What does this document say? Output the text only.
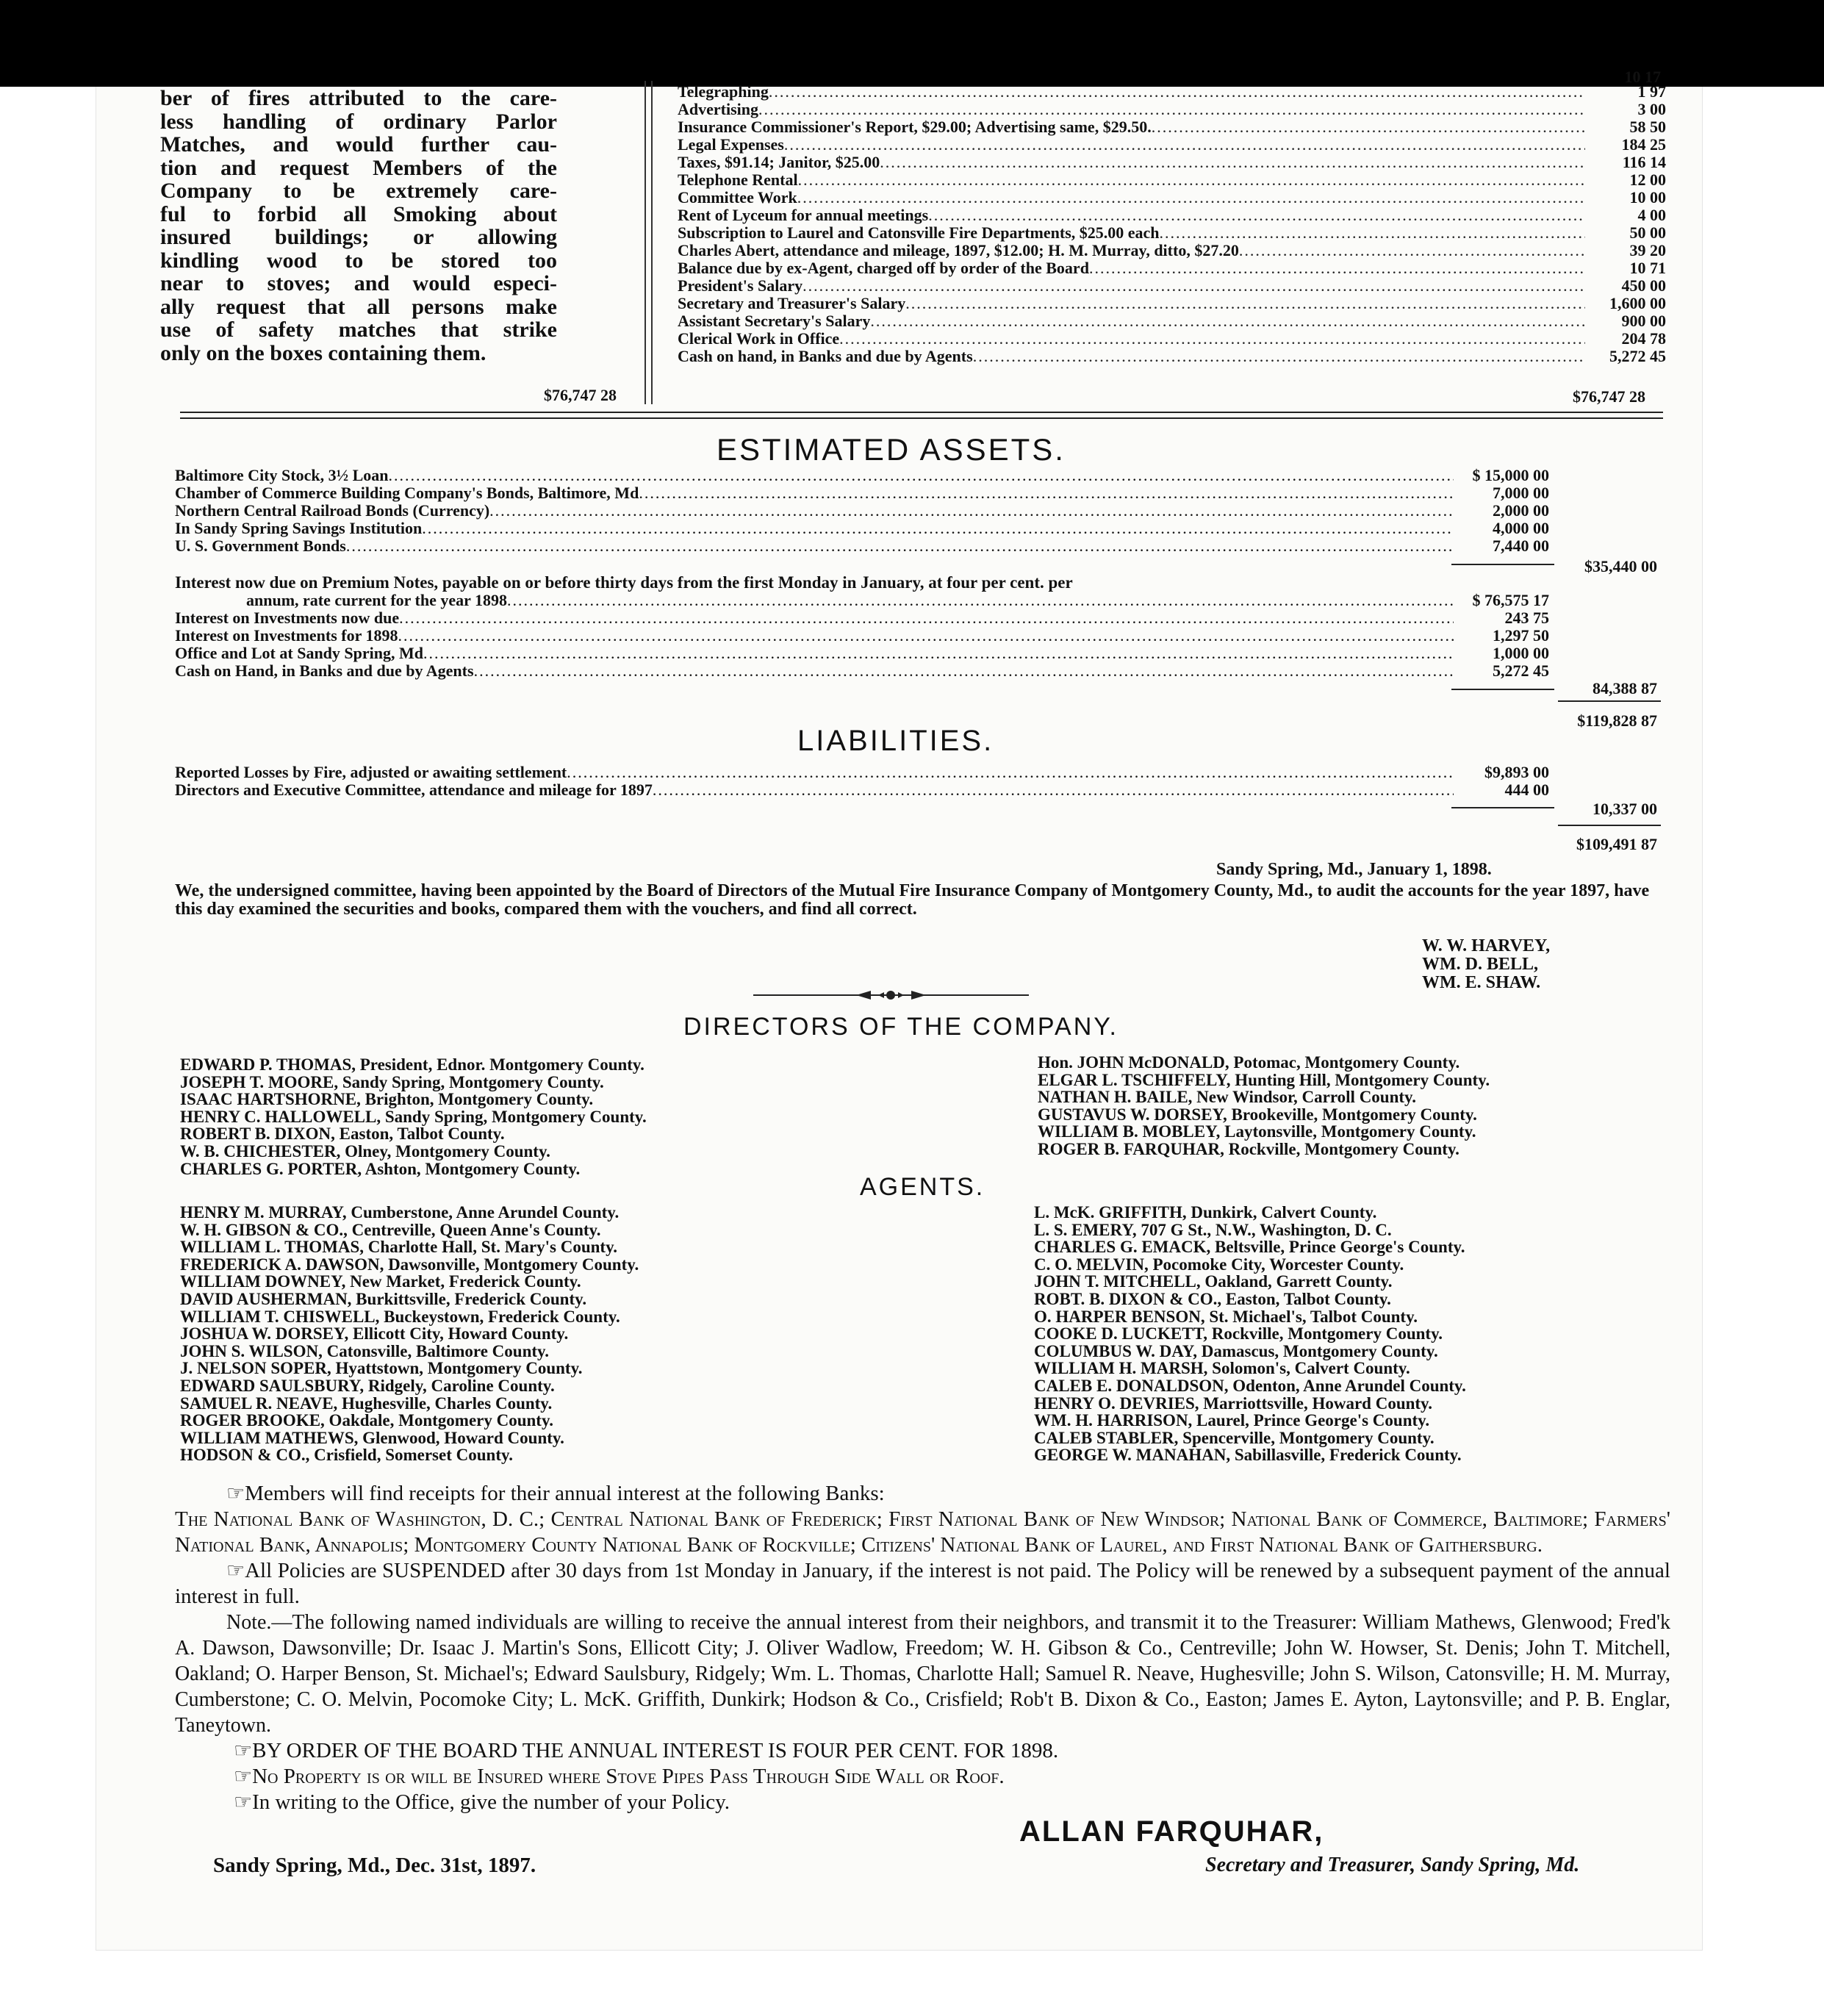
ber of fires attributed to the care-
less handling of ordinary Parlor
Matches, and would further cau-
tion and request Members of the
Company to be extremely care-
ful to forbid all Smoking about
insured buildings; or allowing
kindling wood to be stored too
near to stoves; and would especi-
ally request that all persons make
use of safety matches that strike
only on the boxes containing them.
$76,747 28
10 17
Telegraphing .....	1 97
Advertising .....	3 00
Insurance Commissioner's Report, $29.00; Advertising same, $29.50. .....	58 50
Legal Expenses .....	184 25
Taxes, $91.14; Janitor, $25.00 .....	116 14
Telephone Rental .....	12 00
Committee Work .....	10 00
Rent of Lyceum for annual meetings .....	4 00
Subscription to Laurel and Catonsville Fire Departments, $25.00 each .....	50 00
Charles Abert, attendance and mileage, 1897, $12.00; H. M. Murray, ditto, $27.20 .....	39 20
Balance due by ex-Agent, charged off by order of the Board .....	10 71
President's Salary .....	450 00
Secretary and Treasurer's Salary .....	1,600 00
Assistant Secretary's Salary .....	900 00
Clerical Work in Office .....	204 78
Cash on hand, in Banks and due by Agents .....	5,272 45
$76,747 28
ESTIMATED ASSETS.
Baltimore City Stock, 3½ Loan .....	$ 15,000 00
Chamber of Commerce Building Company's Bonds, Baltimore, Md .....	7,000 00
Northern Central Railroad Bonds (Currency) .....	2,000 00
In Sandy Spring Savings Institution .....	4,000 00
U. S. Government Bonds .....	7,440 00
$35,440 00
Interest now due on Premium Notes, payable on or before thirty days from the first Monday in January, at four per cent. per
annum, rate current for the year 1898 .....	$ 76,575 17
Interest on Investments now due .....	243 75
Interest on Investments for 1898 .....	1,297 50
Office and Lot at Sandy Spring, Md .....	1,000 00
Cash on Hand, in Banks and due by Agents .....	5,272 45
84,388 87
$119,828 87
LIABILITIES.
Reported Losses by Fire, adjusted or awaiting settlement .....	$9,893 00
Directors and Executive Committee, attendance and mileage for 1897 .....	444 00
10,337 00
$109,491 87
Sandy Spring, Md., January 1, 1898.
We, the undersigned committee, having been appointed by the Board of Directors of the Mutual Fire Insurance Company of Montgomery County, Md., to audit the accounts for the year 1897, have this day examined the securities and books, compared them with the vouchers, and find all correct.
W. W. HARVEY,
WM. D. BELL,
WM. E. SHAW.
DIRECTORS OF THE COMPANY.
EDWARD P. THOMAS, President, Ednor. Montgomery County.
JOSEPH T. MOORE, Sandy Spring, Montgomery County.
ISAAC HARTSHORNE, Brighton, Montgomery County.
HENRY C. HALLOWELL, Sandy Spring, Montgomery County.
ROBERT B. DIXON, Easton, Talbot County.
W. B. CHICHESTER, Olney, Montgomery County.
CHARLES G. PORTER, Ashton, Montgomery County.
Hon. JOHN McDONALD, Potomac, Montgomery County.
ELGAR L. TSCHIFFELY, Hunting Hill, Montgomery County.
NATHAN H. BAILE, New Windsor, Carroll County.
GUSTAVUS W. DORSEY, Brookeville, Montgomery County.
WILLIAM B. MOBLEY, Laytonsville, Montgomery County.
ROGER B. FARQUHAR, Rockville, Montgomery County.
AGENTS.
HENRY M. MURRAY, Cumberstone, Anne Arundel County.
W. H. GIBSON & CO., Centreville, Queen Anne's County.
WILLIAM L. THOMAS, Charlotte Hall, St. Mary's County.
FREDERICK A. DAWSON, Dawsonville, Montgomery County.
WILLIAM DOWNEY, New Market, Frederick County.
DAVID AUSHERMAN, Burkittsville, Frederick County.
WILLIAM T. CHISWELL, Buckeystown, Frederick County.
JOSHUA W. DORSEY, Ellicott City, Howard County.
JOHN S. WILSON, Catonsville, Baltimore County.
J. NELSON SOPER, Hyattstown, Montgomery County.
EDWARD SAULSBURY, Ridgely, Caroline County.
SAMUEL R. NEAVE, Hughesville, Charles County.
ROGER BROOKE, Oakdale, Montgomery County.
WILLIAM MATHEWS, Glenwood, Howard County.
HODSON & CO., Crisfield, Somerset County.
L. McK. GRIFFITH, Dunkirk, Calvert County.
L. S. EMERY, 707 G St., N.W., Washington, D. C.
CHARLES G. EMACK, Beltsville, Prince George's County.
C. O. MELVIN, Pocomoke City, Worcester County.
JOHN T. MITCHELL, Oakland, Garrett County.
ROBT. B. DIXON & CO., Easton, Talbot County.
O. HARPER BENSON, St. Michael's, Talbot County.
COOKE D. LUCKETT, Rockville, Montgomery County.
COLUMBUS W. DAY, Damascus, Montgomery County.
WILLIAM H. MARSH, Solomon's, Calvert County.
CALEB E. DONALDSON, Odenton, Anne Arundel County.
HENRY O. DEVRIES, Marriottsville, Howard County.
WM. H. HARRISON, Laurel, Prince George's County.
CALEB STABLER, Spencerville, Montgomery County.
GEORGE W. MANAHAN, Sabillasville, Frederick County.
☞Members will find receipts for their annual interest at the following Banks:
The National Bank of Washington, D. C.; Central National Bank of Frederick; First National Bank of New Windsor; National Bank of Commerce, Baltimore; Farmers' National Bank, Annapolis; Montgomery County National Bank of Rockville; Citizens' National Bank of Laurel, and First National Bank of Gaithersburg.
☞All Policies are SUSPENDED after 30 days from 1st Monday in January, if the interest is not paid. The Policy will be renewed by a subsequent payment of the annual interest in full.
Note.—The following named individuals are willing to receive the annual interest from their neighbors, and transmit it to the Treasurer: William Mathews, Glenwood; Fred'k A. Dawson, Dawsonville; Dr. Isaac J. Martin's Sons, Ellicott City; J. Oliver Wadlow, Freedom; W. H. Gibson & Co., Centreville; John W. Howser, St. Denis; John T. Mitchell, Oakland; O. Harper Benson, St. Michael's; Edward Saulsbury, Ridgely; Wm. L. Thomas, Charlotte Hall; Samuel R. Neave, Hughesville; John S. Wilson, Catonsville; H. M. Murray, Cumberstone; C. O. Melvin, Pocomoke City; L. McK. Griffith, Dunkirk; Hodson & Co., Crisfield; Rob't B. Dixon & Co., Easton; James E. Ayton, Laytonsville; and P. B. Englar, Taneytown.
☞BY ORDER OF THE BOARD THE ANNUAL INTEREST IS FOUR PER CENT. FOR 1898.
☞No Property is or will be Insured where Stove Pipes Pass Through Side Wall or Roof.
☞In writing to the Office, give the number of your Policy.
Sandy Spring, Md., Dec. 31st, 1897.
ALLAN FARQUHAR,
Secretary and Treasurer, Sandy Spring, Md.
